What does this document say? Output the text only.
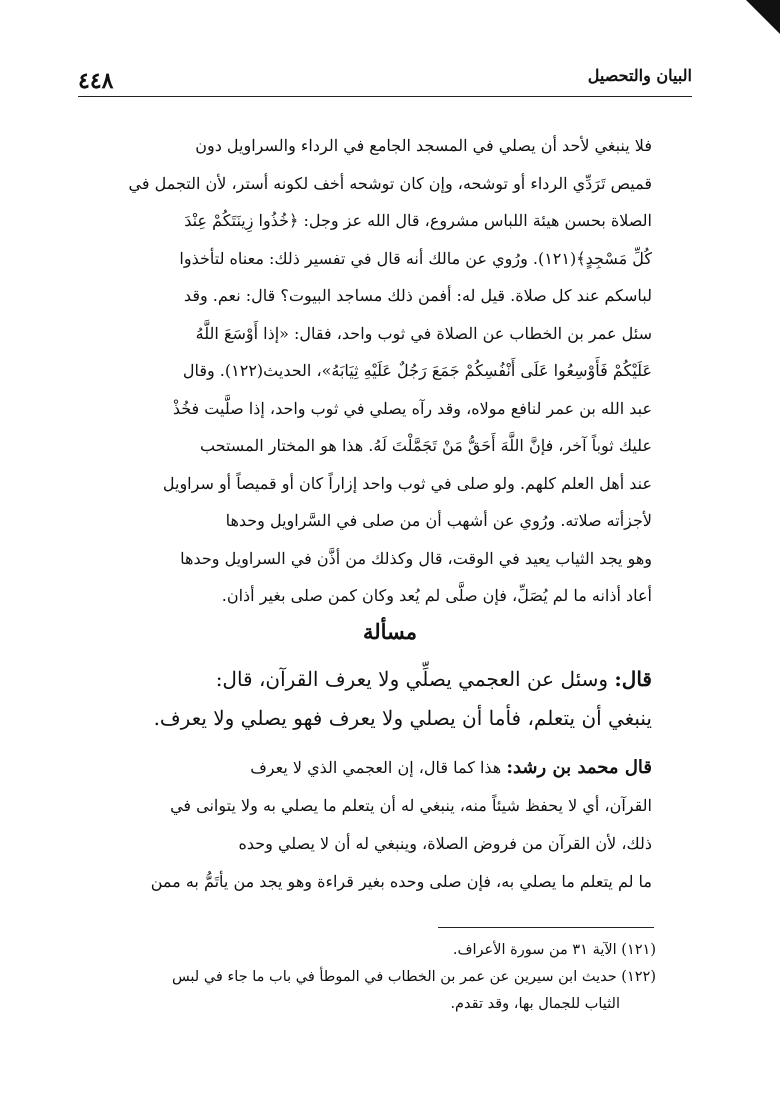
البيان والتحصيل
٤٤٨
فلا ينبغي لأحد أن يصلي في المسجد الجامع في الرداء والسراويل دون
قميص تَرَدِّي الرداء أو توشحه، وإن كان توشحه أخف لكونه أستر، لأن التجمل في
الصلاة بحسن هيئة اللباس مشروع، قال الله عز وجل: ﴿خُذُوا زِينَتَكُمْ عِنْدَ
كُلِّ مَسْجِدٍ﴾(١٢١). ورُوي عن مالك أنه قال في تفسير ذلك: معناه لتأخذوا
لباسكم عند كل صلاة. قيل له: أفمن ذلك مساجد البيوت؟ قال: نعم. وقد
سئل عمر بن الخطاب عن الصلاة في ثوب واحد، فقال: «إذا أَوْسَعَ اللَّهُ
عَلَيْكُمْ فَأَوْسِعُوا عَلَى أَنْفُسِكُمْ جَمَعَ رَجُلٌ عَلَيْهِ ثِيَابَهُ»، الحديث(١٢٢). وقال
عبد الله بن عمر لنافع مولاه، وقد رآه يصلي في ثوب واحد، إذا صلَّيت فخُذْ
عليك ثوباً آخر، فإنَّ اللَّهَ أَحَقُّ مَنْ تَجَمَّلْتَ لَهُ. هذا هو المختار المستحب
عند أهل العلم كلهم. ولو صلى في ثوب واحد إزاراً كان أو قميصاً أو سراويل
لأجزأته صلاته. ورُوي عن أشهب أن من صلى في السَّراويل وحدها
وهو يجد الثياب يعيد في الوقت، قال وكذلك من أذَّن في السراويل وحدها
أعاد أذانه ما لم يُصَلِّ، فإن صلَّى لم يُعد وكان كمن صلى بغير أذان.
مسألة
قال: وسئل عن العجمي يصلِّي ولا يعرف القرآن، قال:
ينبغي أن يتعلم، فأما أن يصلي ولا يعرف فهو يصلي ولا يعرف.
قال محمد بن رشد: هذا كما قال، إن العجمي الذي لا يعرف
القرآن، أي لا يحفظ شيئاً منه، ينبغي له أن يتعلم ما يصلي به ولا يتوانى في
ذلك، لأن القرآن من فروض الصلاة، وينبغي له أن لا يصلي وحده
ما لم يتعلم ما يصلي به، فإن صلى وحده بغير قراءة وهو يجد من يأتَمُّ به ممن
(١٢١) الآية ٣١ من سورة الأعراف.
(١٢٢) حديث ابن سيرين عن عمر بن الخطاب في الموطأ في باب ما جاء في لبس
الثياب للجمال بها، وقد تقدم.
